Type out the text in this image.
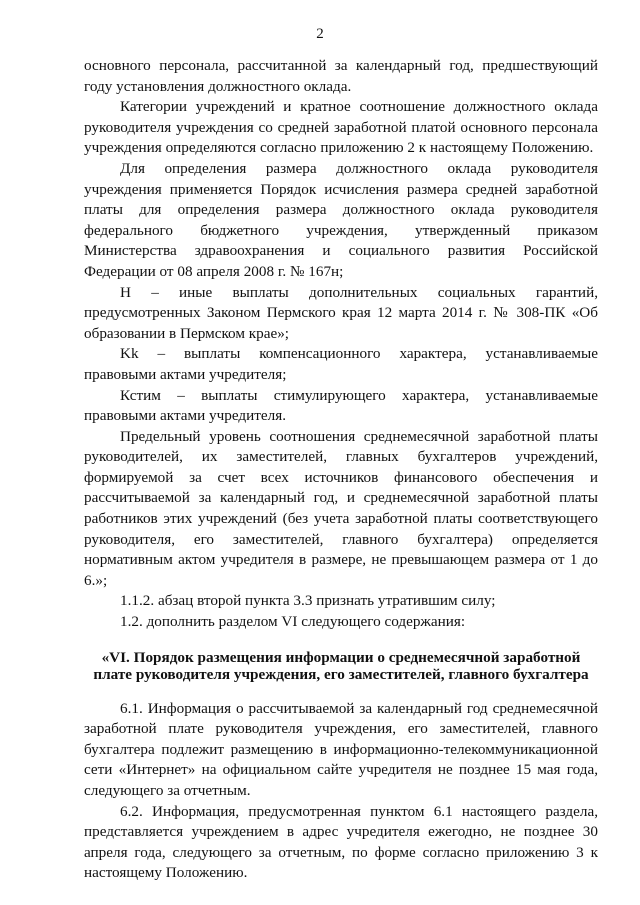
2

основного персонала, рассчитанной за календарный год, предшествующий году установления должностного оклада.

Категории учреждений и кратное соотношение должностного оклада руководителя учреждения со средней заработной платой основного персонала учреждения определяются согласно приложению 2 к настоящему Положению.

Для определения размера должностного оклада руководителя учреждения применяется Порядок исчисления размера средней заработной платы для определения размера должностного оклада руководителя федерального бюджетного учреждения, утвержденный приказом Министерства здравоохранения и социального развития Российской Федерации от 08 апреля 2008 г. № 167н;

Н – иные выплаты дополнительных социальных гарантий, предусмотренных Законом Пермского края 12 марта 2014 г. № 308-ПК «Об образовании в Пермском крае»;

Kk – выплаты компенсационного характера, устанавливаемые правовыми актами учредителя;

Кстим – выплаты стимулирующего характера, устанавливаемые правовыми актами учредителя.

Предельный уровень соотношения среднемесячной заработной платы руководителей, их заместителей, главных бухгалтеров учреждений, формируемой за счет всех источников финансового обеспечения и рассчитываемой за календарный год, и среднемесячной заработной платы работников этих учреждений (без учета заработной платы соответствующего руководителя, его заместителей, главного бухгалтера) определяется нормативным актом учредителя в размере, не превышающем размера от 1 до 6.»;

1.1.2. абзац второй пункта 3.3 признать утратившим силу;

1.2. дополнить разделом VI следующего содержания:

«VI. Порядок размещения информации о среднемесячной заработной плате руководителя учреждения, его заместителей, главного бухгалтера

6.1. Информация о рассчитываемой за календарный год среднемесячной заработной плате руководителя учреждения, его заместителей, главного бухгалтера подлежит размещению в информационно-телекоммуникационной сети «Интернет» на официальном сайте учредителя не позднее 15 мая года, следующего за отчетным.

6.2. Информация, предусмотренная пунктом 6.1 настоящего раздела, представляется учреждением в адрес учредителя ежегодно, не позднее 30 апреля года, следующего за отчетным, по форме согласно приложению 3 к настоящему Положению.
